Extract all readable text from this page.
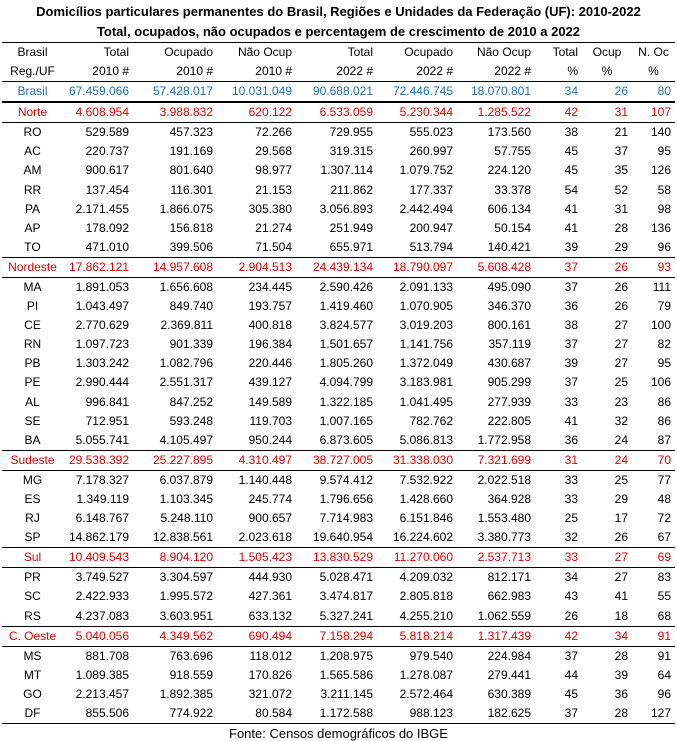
Domicílios particulares permanentes do Brasil, Regiões e Unidades da Federação (UF): 2010-2022
Total, ocupados, não ocupados e percentagem de crescimento de 2010 a 2022
Brasil	Total	Ocupado	Não Ocup	Total	Ocupado	Não Ocup	Total	Ocup	N. Oc
Reg./UF	2010 #	2010 #	2010 #	2022 #	2022 #	2022 #	%	%	%
Brasil	67.459.066	57.428.017	10.031.049	90.688.021	72.446.745	18.070.801	34	26	80
Norte	4.608.954	3.988.832	620.122	6.533.059	5.230.344	1.285.522	42	31	107
RO	529.589	457.323	72.266	729.955	555.023	173.560	38	21	140
AC	220.737	191.169	29.568	319.315	260.997	57.755	45	37	95
AM	900.617	801.640	98.977	1.307.114	1.079.752	224.120	45	35	126
RR	137.454	116.301	21.153	211.862	177.337	33.378	54	52	58
PA	2.171.455	1.866.075	305.380	3.056.893	2.442.494	606.134	41	31	98
AP	178.092	156.818	21.274	251.949	200.947	50.154	41	28	136
TO	471.010	399.506	71.504	655.971	513.794	140.421	39	29	96
Nordeste	17.862.121	14.957.608	2.904.513	24.439.134	18.790.097	5.608.428	37	26	93
MA	1.891.053	1.656.608	234.445	2.590.426	2.091.133	495.090	37	26	111
PI	1.043.497	849.740	193.757	1.419.460	1.070.905	346.370	36	26	79
CE	2.770.629	2.369.811	400.818	3.824.577	3.019.203	800.161	38	27	100
RN	1.097.723	901.339	196.384	1.501.657	1.141.756	357.119	37	27	82
PB	1.303.242	1.082.796	220.446	1.805.260	1.372.049	430.687	39	27	95
PE	2.990.444	2.551.317	439.127	4.094.799	3.183.981	905.299	37	25	106
AL	996.841	847.252	149.589	1.322.185	1.041.495	277.939	33	23	86
SE	712.951	593.248	119.703	1.007.165	782.762	222.805	41	32	86
BA	5.055.741	4.105.497	950.244	6.873.605	5.086.813	1.772.958	36	24	87
Sudeste	29.538.392	25.227.895	4.310.497	38.727.005	31.338.030	7.321.699	31	24	70
MG	7.178.327	6.037.879	1.140.448	9.574.412	7.532.922	2.022.518	33	25	77
ES	1.349.119	1.103.345	245.774	1.796.656	1.428.660	364.928	33	29	48
RJ	6.148.767	5.248.110	900.657	7.714.983	6.151.846	1.553.480	25	17	72
SP	14.862.179	12.838.561	2.023.618	19.640.954	16.224.602	3.380.773	32	26	67
Sul	10.409.543	8.904.120	1.505.423	13.830.529	11.270.060	2.537.713	33	27	69
PR	3.749.527	3.304.597	444.930	5.028.471	4.209.032	812.171	34	27	83
SC	2.422.933	1.995.572	427.361	3.474.817	2.805.818	662.983	43	41	55
RS	4.237.083	3.603.951	633.132	5.327.241	4.255.210	1.062.559	26	18	68
C. Oeste	5.040.056	4.349.562	690.494	7.158.294	5.818.214	1.317.439	42	34	91
MS	881.708	763.696	118.012	1.208.975	979.540	224.984	37	28	91
MT	1.089.385	918.559	170.826	1.565.586	1.278.087	279.441	44	39	64
GO	2.213.457	1.892.385	321.072	3.211.145	2.572.464	630.389	45	36	96
DF	855.506	774.922	80.584	1.172.588	988.123	182.625	37	28	127
Fonte: Censos demográficos do IBGE
